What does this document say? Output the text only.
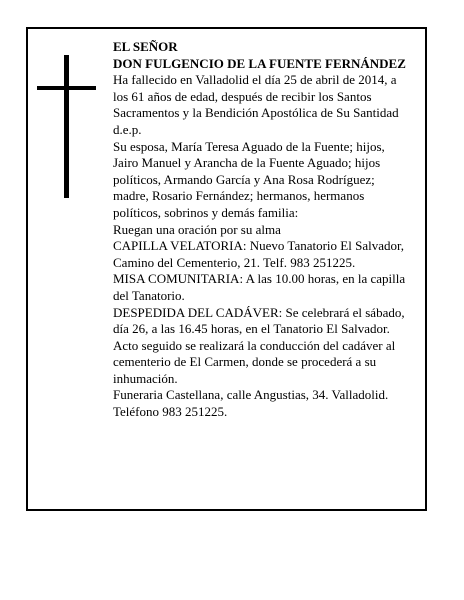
EL SEÑOR

DON FULGENCIO DE LA FUENTE FERNÁNDEZ

Ha fallecido en Valladolid el día 25 de abril de 2014, a los 61 años de edad, después de recibir los Santos Sacramentos y la Bendición Apostólica de Su Santidad d.e.p.

Su esposa, María Teresa Aguado de la Fuente; hijos, Jairo Manuel y Arancha de la Fuente Aguado; hijos políticos, Armando García y Ana Rosa Rodríguez; madre, Rosario Fernández; hermanos, hermanos políticos, sobrinos y demás familia:

Ruegan una oración por su alma

CAPILLA VELATORIA: Nuevo Tanatorio El Salvador, Camino del Cementerio, 21. Telf. 983 251225.

MISA COMUNITARIA: A las 10.00 horas, en la capilla del Tanatorio.

DESPEDIDA DEL CADÁVER: Se celebrará el sábado, día 26, a las 16.45 horas, en el Tanatorio El Salvador. Acto seguido se realizará la conducción del cadáver al cementerio de El Carmen, donde se procederá a su inhumación.

Funeraria Castellana, calle Angustias, 34. Valladolid. Teléfono 983 251225.
